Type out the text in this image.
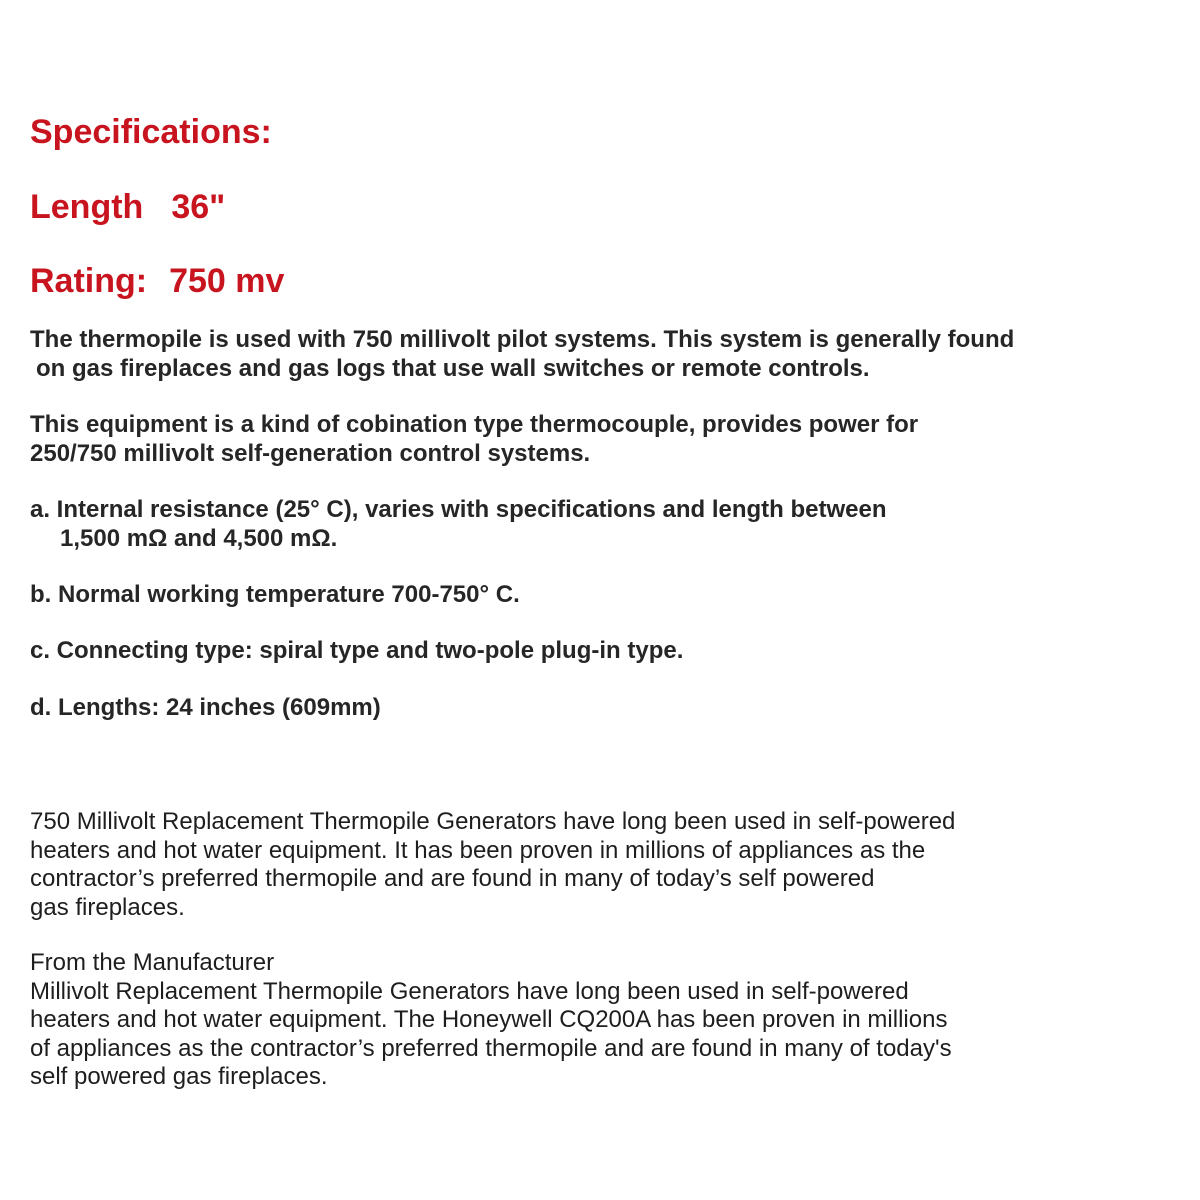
Specifications:
Length 36"
Rating: 750 mv

The thermopile is used with 750 millivolt pilot systems. This system is generally found
on gas fireplaces and gas logs that use wall switches or remote controls.

This equipment is a kind of cobination type thermocouple, provides power for
250/750 millivolt self-generation control systems.

a. Internal resistance (25° C), varies with specifications and length between
1,500 mΩ and 4,500 mΩ.

b. Normal working temperature 700-750° C.

c. Connecting type: spiral type and two-pole plug-in type.

d. Lengths: 24 inches (609mm)

750 Millivolt Replacement Thermopile Generators have long been used in self-powered
heaters and hot water equipment. It has been proven in millions of appliances as the
contractor’s preferred thermopile and are found in many of today’s self powered
gas fireplaces.

From the Manufacturer
Millivolt Replacement Thermopile Generators have long been used in self-powered
heaters and hot water equipment. The Honeywell CQ200A has been proven in millions
of appliances as the contractor’s preferred thermopile and are found in many of today's
self powered gas fireplaces.
